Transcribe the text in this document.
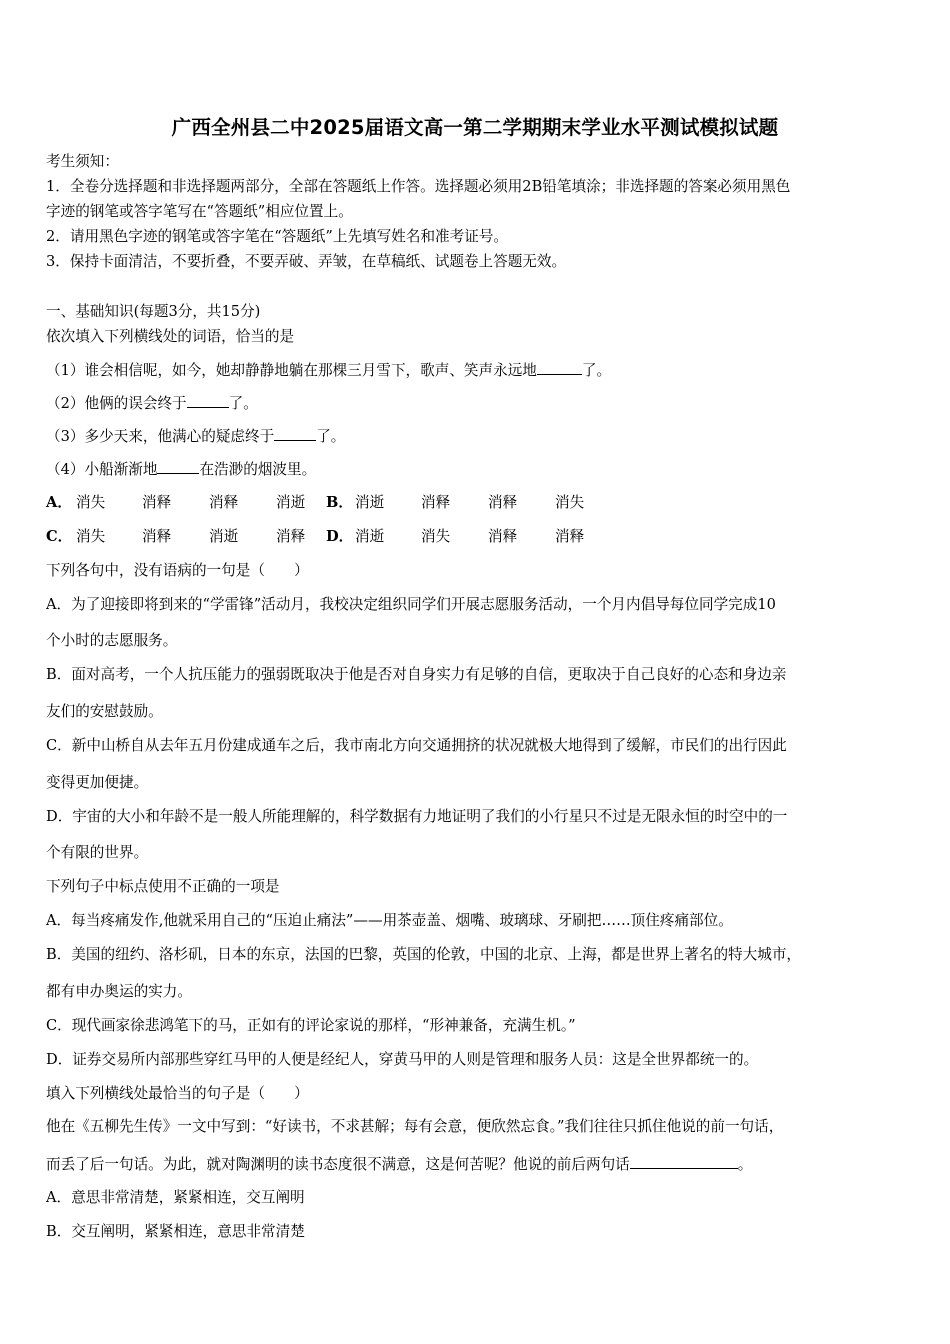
广西全州县二中2025届语文高一第二学期期末学业水平测试模拟试题
考生须知：
1．全卷分选择题和非选择题两部分，全部在答题纸上作答。选择题必须用2B铅笔填涂；非选择题的答案必须用黑色
字迹的钢笔或答字笔写在“答题纸”相应位置上。
2．请用黑色字迹的钢笔或答字笔在“答题纸”上先填写姓名和准考证号。
3．保持卡面清洁，不要折叠，不要弄破、弄皱，在草稿纸、试题卷上答题无效。
一、基础知识(每题3分，共15分)
依次填入下列横线处的词语，恰当的是
（1）谁会相信呢，如今，她却静静地躺在那棵三月雪下，歌声、笑声永远地	了。
（2）他俩的误会终于	了。
（3）多少天来，他满心的疑虑终于	了。
（4）小船渐渐地	在浩渺的烟波里。
A． 消失	消释	消释	消逝 B． 消逝	消释	消释	消失
C． 消失	消释	消逝	消释 D． 消逝	消失	消释	消释
下列各句中，没有语病的一句是（　　）
A．为了迎接即将到来的“学雷锋”活动月，我校决定组织同学们开展志愿服务活动，一个月内倡导每位同学完成10
个小时的志愿服务。
B．面对高考，一个人抗压能力的强弱既取决于他是否对自身实力有足够的自信，更取决于自己良好的心态和身边亲
友们的安慰鼓励。
C．新中山桥自从去年五月份建成通车之后，我市南北方向交通拥挤的状况就极大地得到了缓解，市民们的出行因此
变得更加便捷。
D．宇宙的大小和年龄不是一般人所能理解的，科学数据有力地证明了我们的小行星只不过是无限永恒的时空中的一
个有限的世界。
下列句子中标点使用不正确的一项是
A．每当疼痛发作,他就采用自己的“压迫止痛法”——用茶壶盖、烟嘴、玻璃球、牙刷把……顶住疼痛部位。
B．美国的纽约、洛杉矶，日本的东京，法国的巴黎，英国的伦敦，中国的北京、上海，都是世界上著名的特大城市，
都有申办奥运的实力。
C．现代画家徐悲鸿笔下的马，正如有的评论家说的那样，“形神兼备，充满生机。”
D．证券交易所内部那些穿红马甲的人便是经纪人，穿黄马甲的人则是管理和服务人员：这是全世界都统一的。
填入下列横线处最恰当的句子是（　　）
他在《五柳先生传》一文中写到：“好读书，不求甚解；每有会意，便欣然忘食。”我们往往只抓住他说的前一句话，
而丢了后一句话。为此，就对陶渊明的读书态度很不满意，这是何苦呢？他说的前后两句话	。
A．意思非常清楚，紧紧相连，交互阐明
B．交互阐明，紧紧相连，意思非常清楚
